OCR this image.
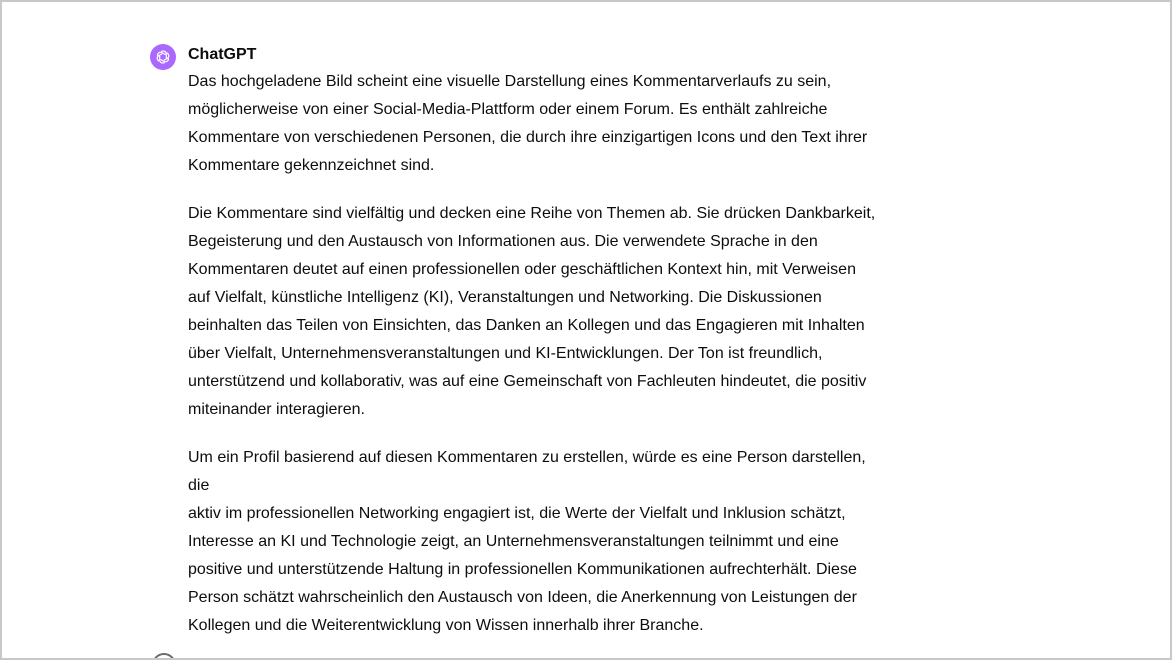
ChatGPT

Das hochgeladene Bild scheint eine visuelle Darstellung eines Kommentarverlaufs zu sein,
möglicherweise von einer Social-Media-Plattform oder einem Forum. Es enthält zahlreiche
Kommentare von verschiedenen Personen, die durch ihre einzigartigen Icons und den Text ihrer
Kommentare gekennzeichnet sind.

Die Kommentare sind vielfältig und decken eine Reihe von Themen ab. Sie drücken Dankbarkeit,
Begeisterung und den Austausch von Informationen aus. Die verwendete Sprache in den
Kommentaren deutet auf einen professionellen oder geschäftlichen Kontext hin, mit Verweisen
auf Vielfalt, künstliche Intelligenz (KI), Veranstaltungen und Networking. Die Diskussionen
beinhalten das Teilen von Einsichten, das Danken an Kollegen und das Engagieren mit Inhalten
über Vielfalt, Unternehmensveranstaltungen und KI-Entwicklungen. Der Ton ist freundlich,
unterstützend und kollaborativ, was auf eine Gemeinschaft von Fachleuten hindeutet, die positiv
miteinander interagieren.

Um ein Profil basierend auf diesen Kommentaren zu erstellen, würde es eine Person darstellen, die
aktiv im professionellen Networking engagiert ist, die Werte der Vielfalt und Inklusion schätzt,
Interesse an KI und Technologie zeigt, an Unternehmensveranstaltungen teilnimmt und eine
positive und unterstützende Haltung in professionellen Kommunikationen aufrechterhält. Diese
Person schätzt wahrscheinlich den Austausch von Ideen, die Anerkennung von Leistungen der
Kollegen und die Weiterentwicklung von Wissen innerhalb ihrer Branche.
